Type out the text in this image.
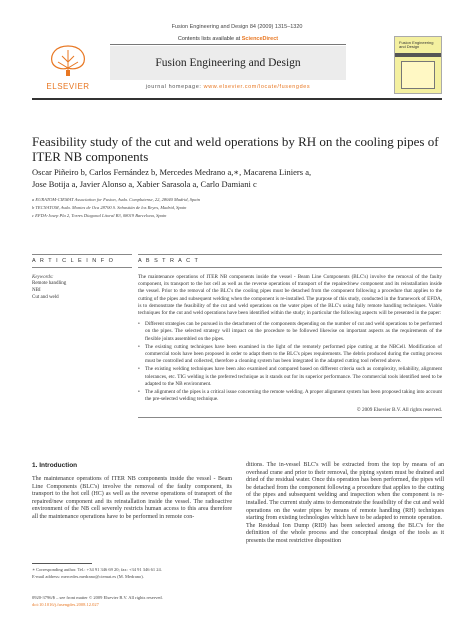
Fusion Engineering and Design 84 (2009) 1315–1320
ELSEVIER
Contents lists available at ScienceDirect
Fusion Engineering and Design
journal homepage: www.elsevier.com/locate/fusengdes
Fusion Engineering and Design
Feasibility study of the cut and weld operations by RH on the cooling pipes of ITER NB components
Oscar Piñeiro b, Carlos Fernández b, Mercedes Medrano a,∗, Macarena Liniers a,
Jose Botija a, Javier Alonso a, Xabier Sarasola a, Carlo Damiani c
a EURATOM-CIEMAT Association for Fusion, Avda. Complutense, 22, 28040 Madrid, Spain
b TECNATOM, Avda. Montes de Oca 28700 S. Sebastián de los Reyes, Madrid, Spain
c EFDA-Josep Pla 2, Torres Diagonal Litoral B3, 08019 Barcelona, Spain
A R T I C L E I N F O
Keywords:
Remote handling
NBI
Cut and weld
A B S T R A C T
The maintenance operations of ITER NB components inside the vessel - Beam Line Components (BLC's) involve the removal of the faulty component, its transport to the hot cell as well as the reverse operations of transport of the repaired/new component and its reinstallation inside the vessel. Prior to the removal of the BLC's the cooling pipes must be detached from the component following a procedure that applies to the cutting of the pipes and subsequent welding when the component is re-installed. The purpose of this study, conducted in the framework of EFDA, is to demonstrate the feasibility of the cut and weld operations on the water pipes of the BLC's using fully remote handling techniques. Viable techniques for the cut and weld operations have been identified within the study; in particular the following aspects will be presented in the paper:
• Different strategies can be pursued in the detachment of the components depending on the number of cut and weld operations to be performed on the pipes. The selected strategy will impact on the procedure to be followed likewise on important aspects as the requirements of the flexible joints assembled on the pipes.
• The existing cutting techniques have been examined in the light of the remotely performed pipe cutting at the NBCell. Modification of commercial tools have been proposed in order to adapt them to the BLC's pipes requirements. The debris produced during the cutting process must be controlled and collected, therefore a cleaning system has been integrated in the adapted cutting tool referred above.
• The existing welding techniques have been also examined and compared based on different criteria such as complexity, reliability, alignment tolerances, etc. TIG welding is the preferred technique as it stands out for its superior performance. The commercial tools identified need to be adapted to the NB environment.
• The alignment of the pipes is a critical issue concerning the remote welding. A proper alignment system has been proposed taking into account the pre-selected welding technique.
© 2009 Elsevier B.V. All rights reserved.
1. Introduction
The maintenance operations of ITER NB components inside the vessel - Beam Line Components (BLC's) involve the removal of the faulty component, its transport to the hot cell (HC) as well as the reverse operations of transport of the repaired/new component and its reinstallation inside the vessel. The radioactive environment of the NB cell severely restricts human access to this area therefore all the maintenance operations have to be performed in remote con-
ditions. The in-vessel BLC's will be extracted from the top by means of an overhead crane and prior to their removal, the piping system must be drained and dried of the residual water. Once this operation has been performed, the pipes will be detached from the component following a procedure that applies to the cutting of the pipes and subsequent welding and inspection when the component is re-installed. The current study aims to demonstrate the feasibility of the cut and weld operations on the water pipes by means of remote handling (RH) techniques starting from existing technologies which have to be adapted to remote operation.
The Residual Ion Dump (RID) has been selected among the BLC's for the definition of the whole process and the conceptual design of the tools as it presents the most restrictive disposition
∗ Corresponding author. Tel.: +34 91 346 69 20; fax: +34 91 346 61 24.
E-mail address: mercedes.medrano@ciemat.es (M. Medrano).
0920-3796/$ – see front matter © 2009 Elsevier B.V. All rights reserved.
doi:10.1016/j.fusengdes.2008.12.027
